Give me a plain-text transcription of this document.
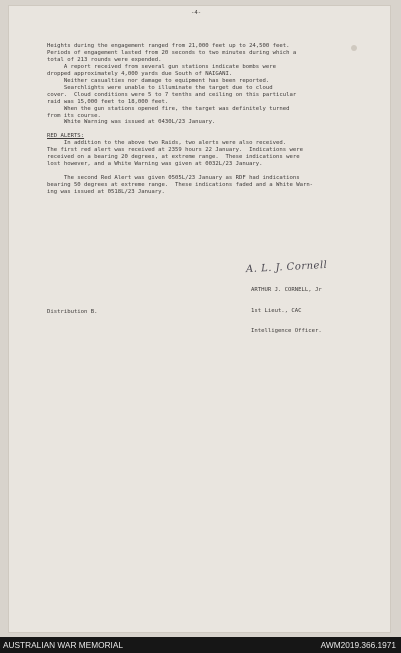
-4-
Heights during the engagement ranged from 21,000 feet up to 24,500 feet.
Periods of engagement lasted from 20 seconds to two minutes during which a
total of 213 rounds were expended.
A report received from several gun stations indicate bombs were
dropped approximately 4,000 yards due South of NAIGANI.
Neither casualties nor damage to equipment has been reported.
Searchlights were unable to illuminate the target due to cloud
cover.  Cloud conditions were 5 to 7 tenths and ceiling on this particular
raid was 15,000 feet to 18,000 feet.
When the gun stations opened fire, the target was definitely turned
from its course.
White Warning was issued at 0430L/23 January.
RED ALERTS:
In addition to the above two Raids, two alerts were also received.
The first red alert was received at 2359 hours 22 January.  Indications were
received on a bearing 20 degrees, at extreme range.  These indications were
lost however, and a White Warning was given at 0032L/23 January.
The second Red Alert was given 0505L/23 January as RDF had indications
bearing 50 degrees at extreme range.  These indications faded and a White Warn-
ing was issued at 0518L/23 January.
A. L. J. Cornell

ARTHUR J. CORNELL, Jr

1st Lieut., CAC

Intelligence Officer.

Distribution B.
AUSTRALIAN WAR MEMORIAL	AWM2019.366.1971
